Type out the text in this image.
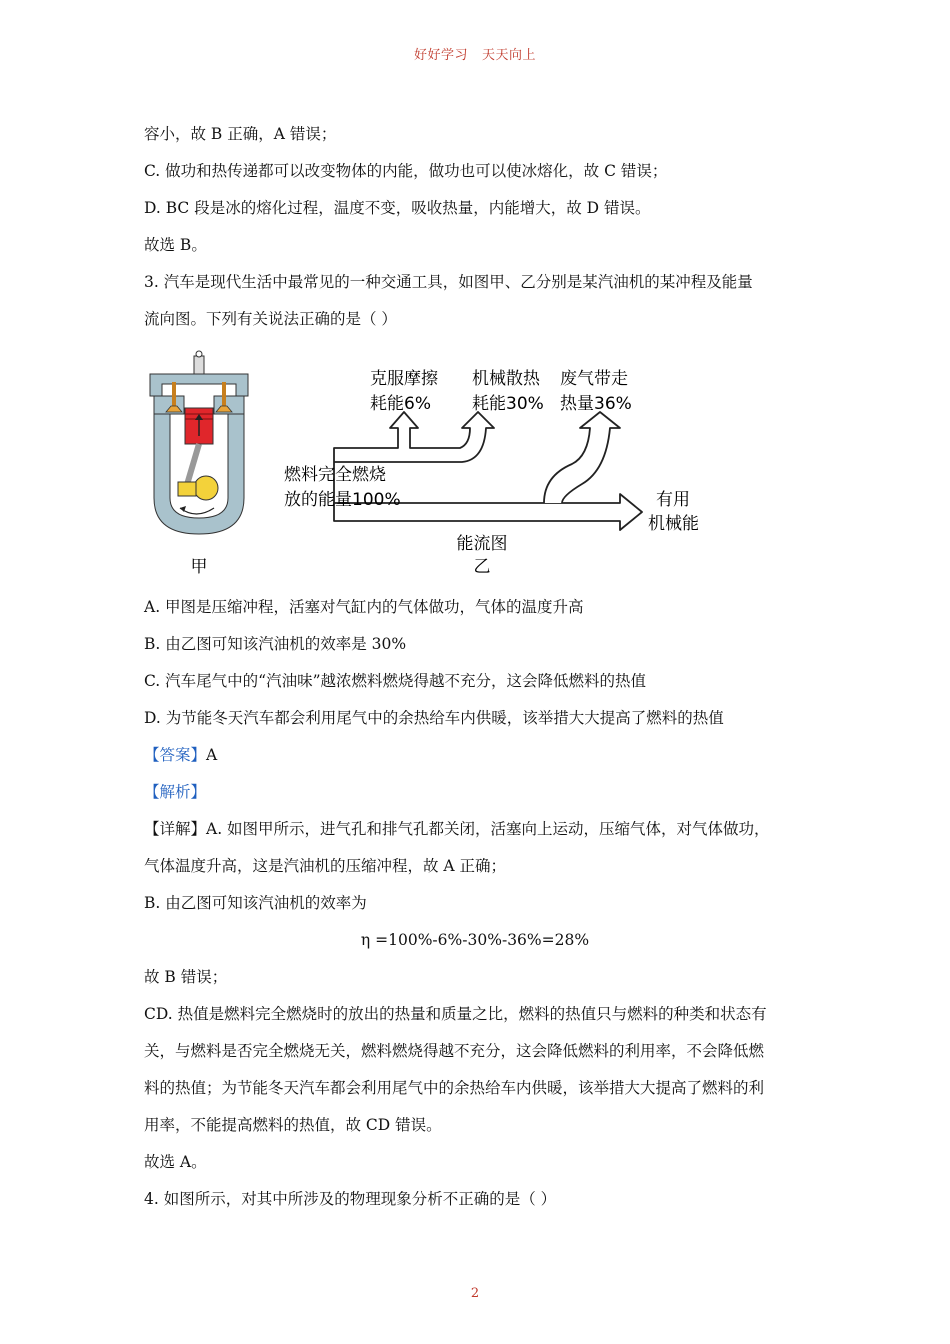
好好学习 天天向上
容小，故 B 正确，A 错误；
C. 做功和热传递都可以改变物体的内能，做功也可以使冰熔化，故 C 错误；
D. BC 段是冰的熔化过程，温度不变，吸收热量，内能增大，故 D 错误。
故选 B。
3. 汽车是现代生活中最常见的一种交通工具，如图甲、乙分别是某汽油机的某冲程及能量
流向图。下列有关说法正确的是（ ）
甲
燃料完全燃烧
放的能量100%
克服摩擦
耗能6%
机械散热
耗能30%
废气带走
热量36%
有用
机械能
能流图
乙
A. 甲图是压缩冲程，活塞对气缸内的气体做功，气体的温度升高
B. 由乙图可知该汽油机的效率是 30%
C. 汽车尾气中的“汽油味”越浓燃料燃烧得越不充分，这会降低燃料的热值
D. 为节能冬天汽车都会利用尾气中的余热给车内供暖，该举措大大提高了燃料的热值
【答案】A
【解析】
【详解】A. 如图甲所示，进气孔和排气孔都关闭，活塞向上运动，压缩气体，对气体做功，
气体温度升高，这是汽油机的压缩冲程，故 A 正确；
B. 由乙图可知该汽油机的效率为
η =100%-6%-30%-36%=28%
故 B 错误；
CD. 热值是燃料完全燃烧时的放出的热量和质量之比，燃料的热值只与燃料的种类和状态有
关，与燃料是否完全燃烧无关，燃料燃烧得越不充分，这会降低燃料的利用率，不会降低燃
料的热值；为节能冬天汽车都会利用尾气中的余热给车内供暖，该举措大大提高了燃料的利
用率，不能提高燃料的热值，故 CD 错误。
故选 A。
4. 如图所示，对其中所涉及的物理现象分析不正确的是（ ）
2
